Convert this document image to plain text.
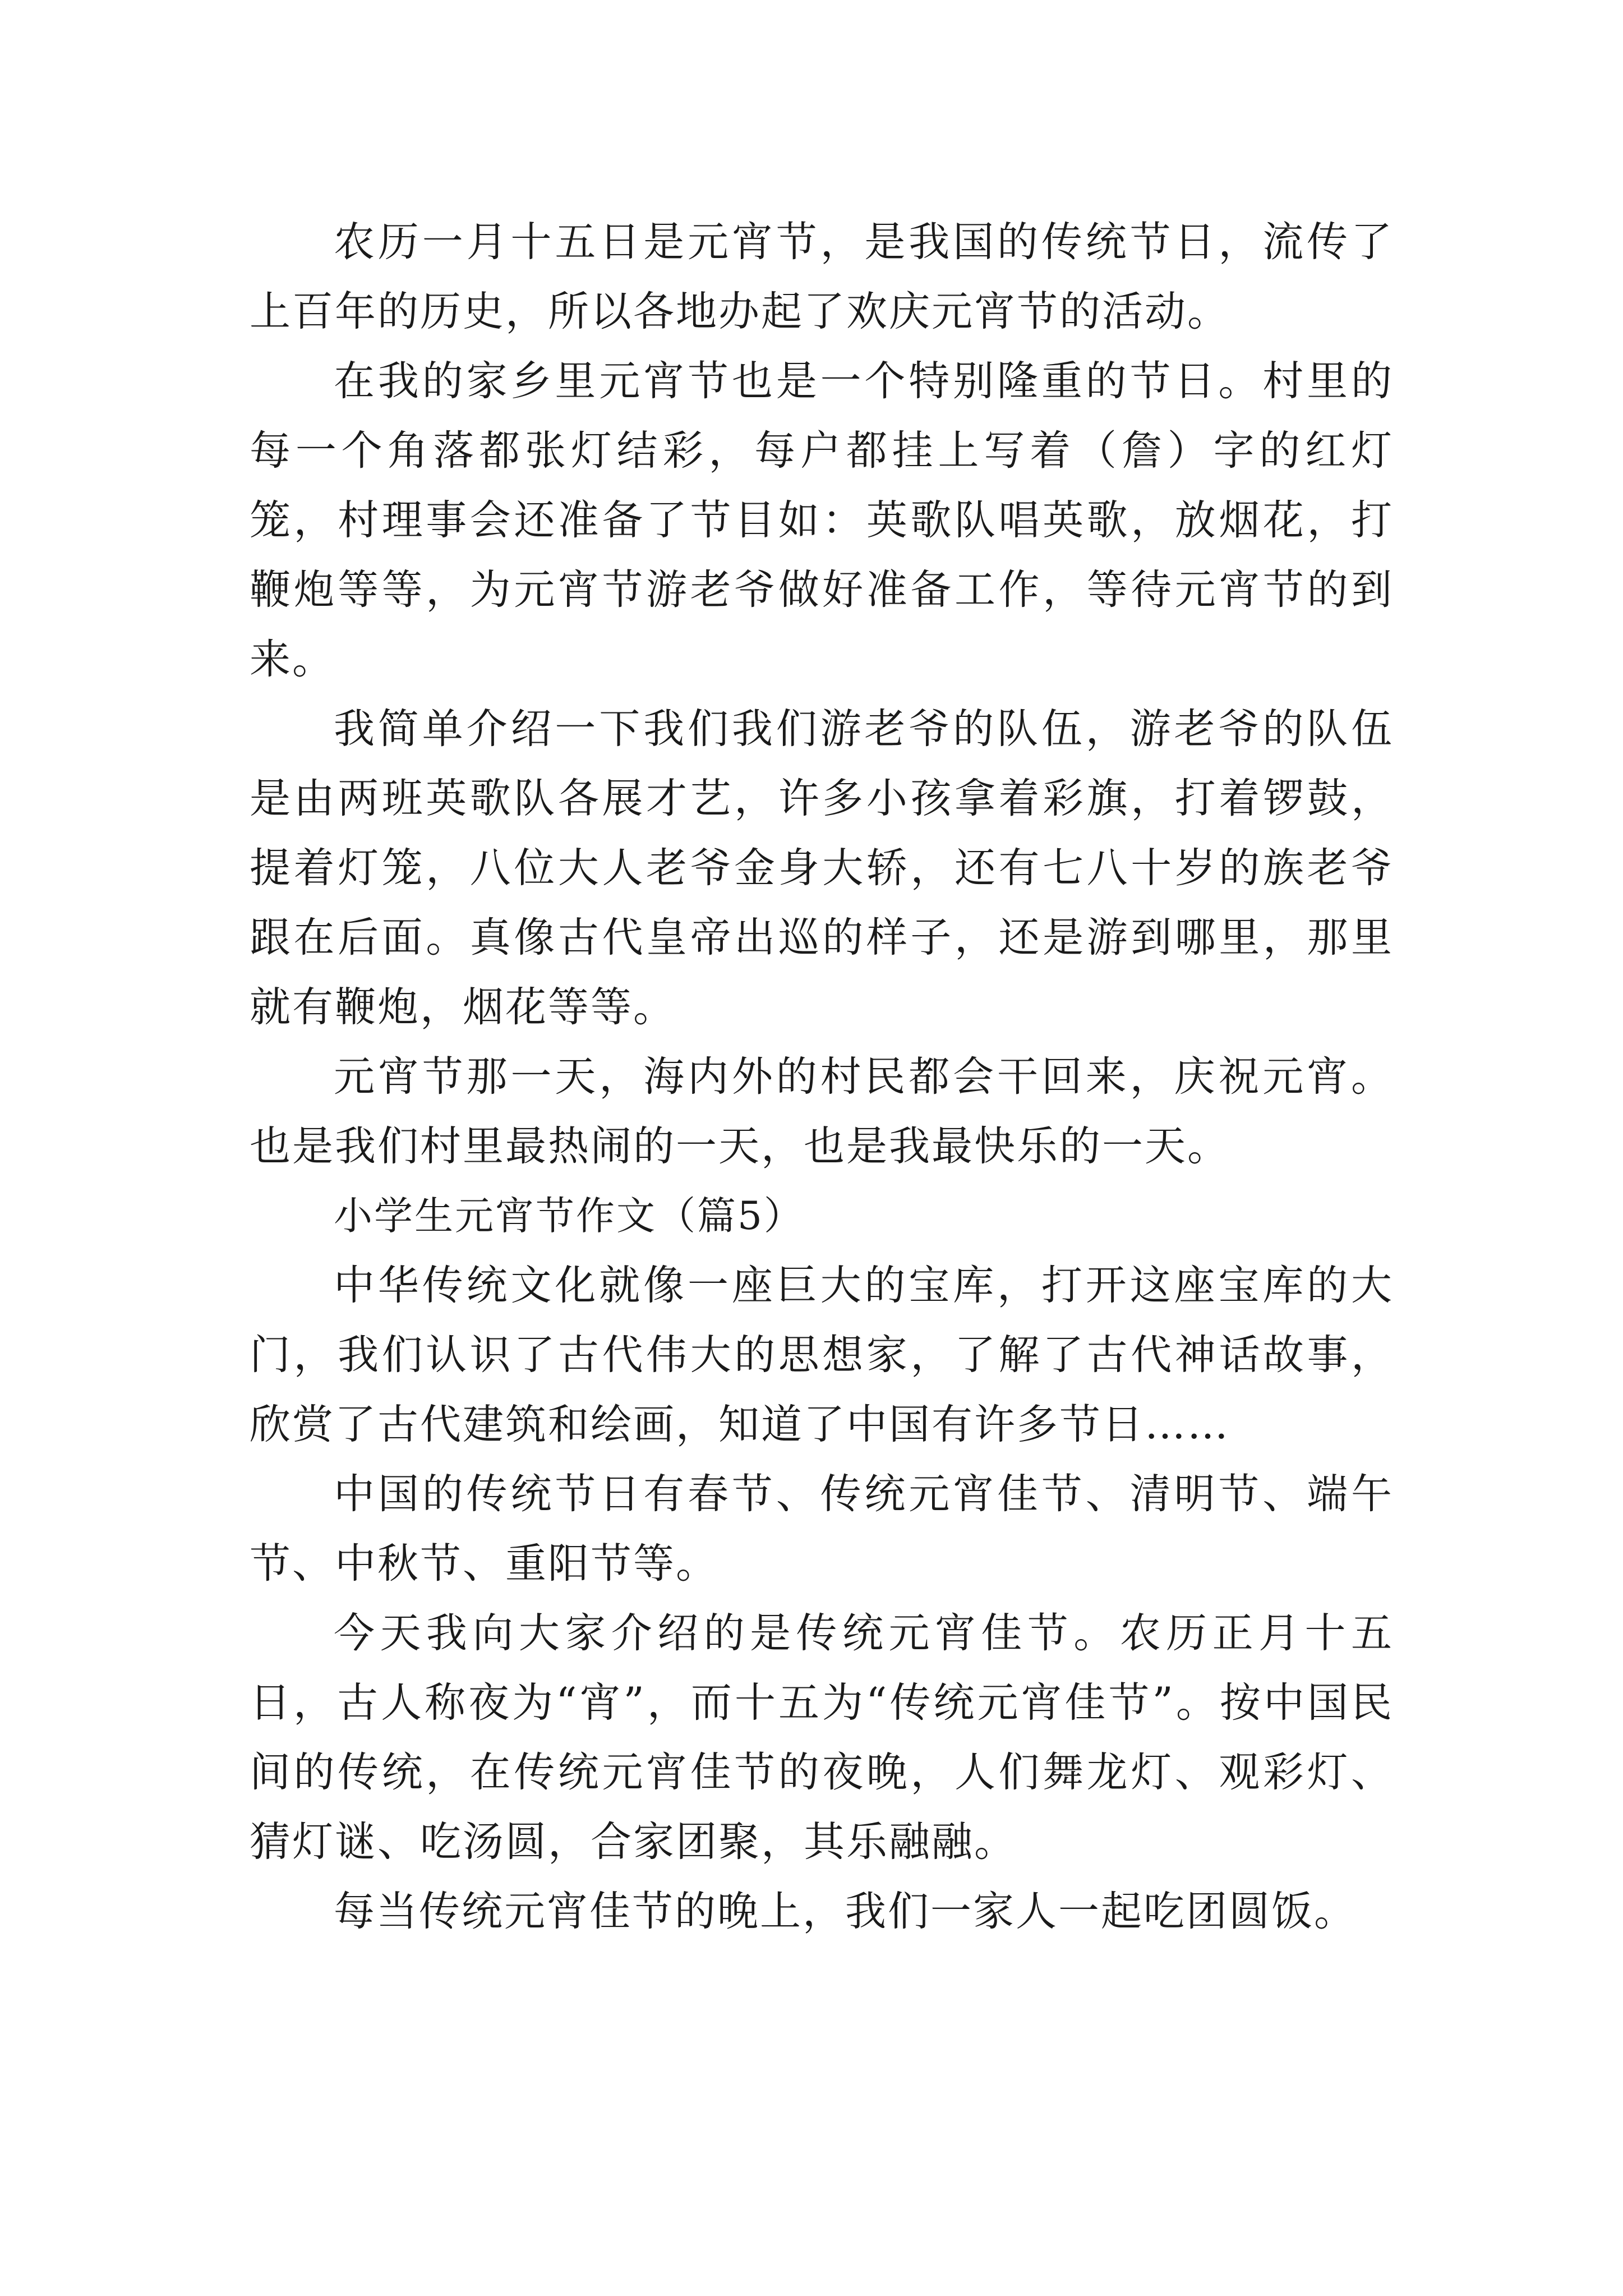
农历一月十五日是元宵节，是我国的传统节日，流传了上百年的历史，所以各地办起了欢庆元宵节的活动。

在我的家乡里元宵节也是一个特别隆重的节日。村里的每一个角落都张灯结彩，每户都挂上写着（詹）字的红灯笼，村理事会还准备了节目如：英歌队唱英歌，放烟花，打鞭炮等等，为元宵节游老爷做好准备工作，等待元宵节的到来。

我简单介绍一下我们我们游老爷的队伍，游老爷的队伍是由两班英歌队各展才艺，许多小孩拿着彩旗，打着锣鼓，提着灯笼，八位大人老爷金身大轿，还有七八十岁的族老爷跟在后面。真像古代皇帝出巡的样子，还是游到哪里，那里就有鞭炮，烟花等等。

元宵节那一天，海内外的村民都会干回来，庆祝元宵。也是我们村里最热闹的一天，也是我最快乐的一天。

小学生元宵节作文（篇5）

中华传统文化就像一座巨大的宝库，打开这座宝库的大门，我们认识了古代伟大的思想家，了解了古代神话故事，欣赏了古代建筑和绘画，知道了中国有许多节日……

中国的传统节日有春节、传统元宵佳节、清明节、端午节、中秋节、重阳节等。

今天我向大家介绍的是传统元宵佳节。农历正月十五日，古人称夜为“宵”，而十五为“传统元宵佳节”。按中国民间的传统，在传统元宵佳节的夜晚，人们舞龙灯、观彩灯、猜灯谜、吃汤圆，合家团聚，其乐融融。

每当传统元宵佳节的晚上，我们一家人一起吃团圆饭。
